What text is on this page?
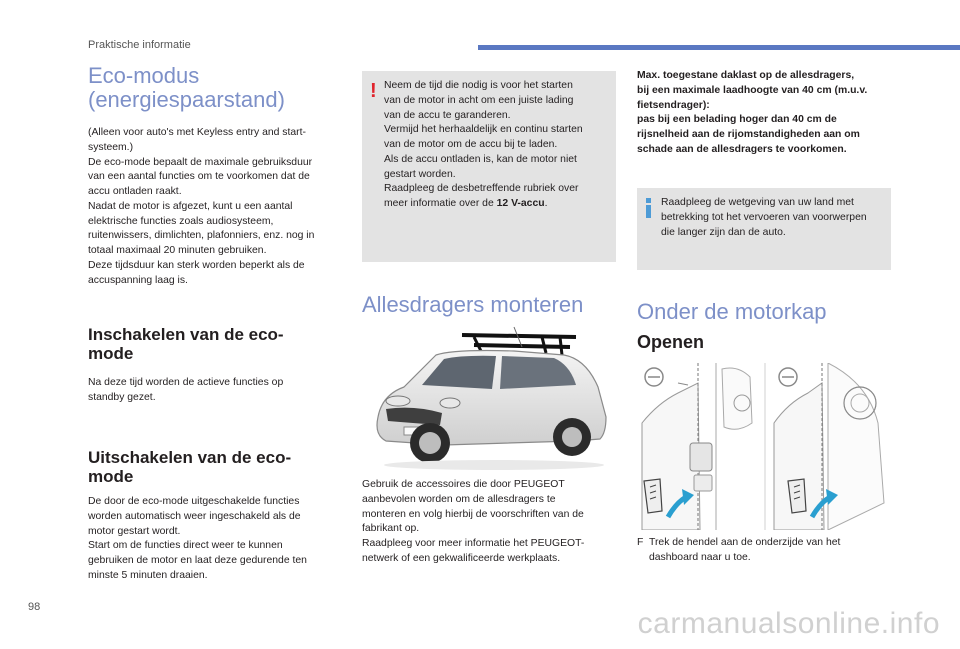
Praktische informatie
Eco-modus
(energiespaarstand)

(Alleen voor auto's met Keyless entry and start-

systeem.)

De eco-mode bepaalt de maximale gebruiksduur

van een aantal functies om te voorkomen dat de

accu ontladen raakt.

Nadat de motor is afgezet, kunt u een aantal

elektrische functies zoals audiosysteem,

ruitenwissers, dimlichten, plafonniers, enz. nog in

totaal maximaal 20 minuten gebruiken.

Deze tijdsduur kan sterk worden beperkt als de

accuspanning laag is.

Inschakelen van de eco-
mode

Na deze tijd worden de actieve functies op

standby gezet.

Uitschakelen van de eco-
mode

De door de eco-mode uitgeschakelde functies

worden automatisch weer ingeschakeld als de

motor gestart wordt.

Start om de functies direct weer te kunnen

gebruiken de motor en laat deze gedurende ten

minste 5 minuten draaien.

! Neem de tijd die nodig is voor het starten

van de motor in acht om een juiste lading

van de accu te garanderen.

Vermijd het herhaaldelijk en continu starten

van de motor om de accu bij te laden.

Als de accu ontladen is, kan de motor niet

gestart worden.

Raadpleeg de desbetreffende rubriek over

meer informatie over de 12 V-accu.

Allesdragers monteren

Gebruik de accessoires die door PEUGEOT

aanbevolen worden om de allesdragers te

monteren en volg hierbij de voorschriften van de

fabrikant op.

Raadpleeg voor meer informatie het PEUGEOT-

netwerk of een gekwalificeerde werkplaats.

Max. toegestane daklast op de allesdragers,

bij een maximale laadhoogte van 40 cm (m.u.v.

fietsendrager):

pas bij een belading hoger dan 40 cm de

rijsnelheid aan de rijomstandigheden aan om

schade aan de allesdragers te voorkomen.

Raadpleeg de wetgeving van uw land met

betrekking tot het vervoeren van voorwerpen

die langer zijn dan de auto.

Onder de motorkap
Openen
F Trek de hendel aan de onderzijde van het

dashboard naar u toe.

98	carmanualsonline.info
